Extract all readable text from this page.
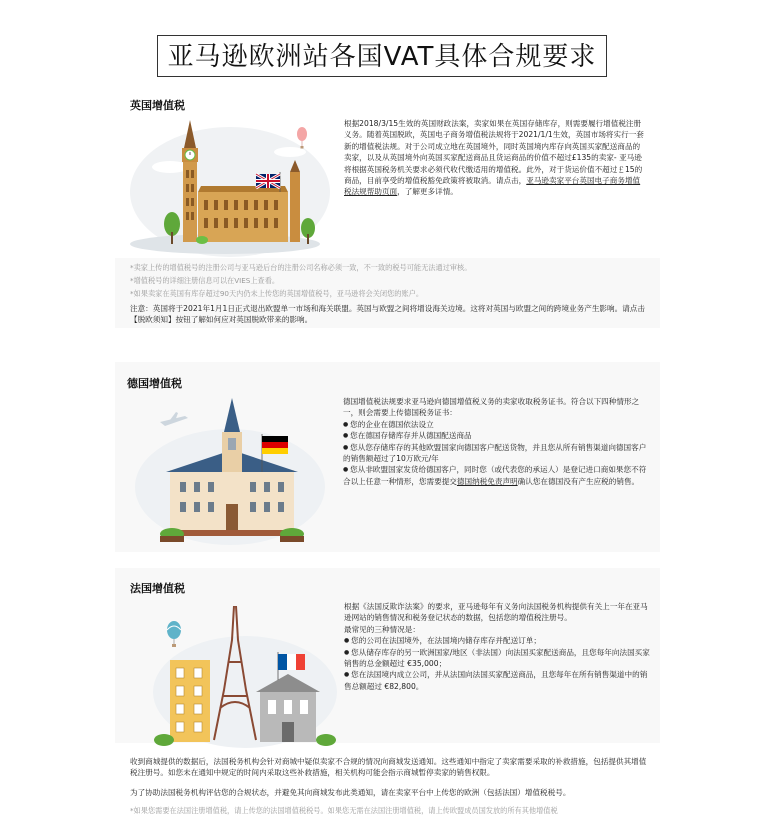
亚马逊欧洲站各国VAT具体合规要求
英国增值税
根据2018/3/15生效的英国财政法案，卖家如果在英国存储库存，则需要履行增值税注册义务。随着英国脱欧，英国电子商务增值税法规将于2021/1/1生效，英国市场将实行一套新的增值税法规。对于公司成立地在英国境外，同时英国境内库存向英国买家配送商品的卖家，以及从英国境外向英国买家配送商品且货运商品的价值不超过£135的卖家- 亚马逊将根据英国税务机关要求必须代收代缴适用的增值税。此外，对于货运价值不超过￡15的商品，目前享受的增值税豁免政策将被取消。请点击，亚马逊卖家平台英国电子商务增值税法规帮助页面，了解更多详情。
*卖家上传的增值税号的注册公司与亚马逊后台的注册公司名称必须一致，不一致的税号可能无法通过审核。
*增值税号的详细注册信息可以在VIES上查看。
*如果卖家在英国有库存超过90天内仍未上传您的英国增值税号，亚马逊将会关闭您的账户。
注意：英国将于2021年1月1日正式退出欧盟单一市场和海关联盟。英国与欧盟之间将增设海关边境。这将对英国与欧盟之间的跨境业务产生影响。请点击【脱欧须知】按钮了解如何应对英国脱欧带来的影响。
德国增值税
德国增值税法规要求亚马逊向德国增值税义务的卖家收取税务证书。符合以下四种情形之一，则会需要上传德国税务证书：
● 您的企业在德国依法设立
● 您在德国存储库存并从德国配送商品
● 您从您存储库存的其他欧盟国家向德国客户配送货物，并且您从所有销售渠道向德国客户的销售额超过了10万欧元/年
● 您从非欧盟国家发货给德国客户，同时您（或代表您的承运人）是登记进口商如果您不符合以上任意一种情形，您需要提交德国纳税免责声明确认您在德国没有产生应税的销售。
法国增值税
根据《法国反欺诈法案》的要求，亚马逊每年有义务向法国税务机构提供有关上一年在亚马逊网站的销售情况和税务登记状态的数据，包括您的增值税注册号。
最常见的三种情况是：
● 您的公司在法国境外，在法国境内储存库存并配送订单；
● 您从储存库存的另一欧洲国家/地区（非法国）向法国买家配送商品，且您每年向法国买家销售的总金额超过 €35,000；
● 您在法国境内成立公司，并从法国向法国买家配送商品，且您每年在所有销售渠道中的销售总额超过 €82,800。
收到商城提供的数据后，法国税务机构会针对商城中疑似卖家不合规的情况向商城发送通知。这些通知中指定了卖家需要采取的补救措施，包括提供其增值税注册号。如您未在通知中规定的时间内采取这些补救措施，相关机构可能会指示商城暂停卖家的销售权限。
为了协助法国税务机构评估您的合规状态，并避免其向商城发布此类通知，请在卖家平台中上传您的欧洲（包括法国）增值税税号。
*如果您需要在法国注册增值税，请上传您的法国增值税税号。如果您无需在法国注册增值税，请上传欧盟成员国发放的所有其他增值税
